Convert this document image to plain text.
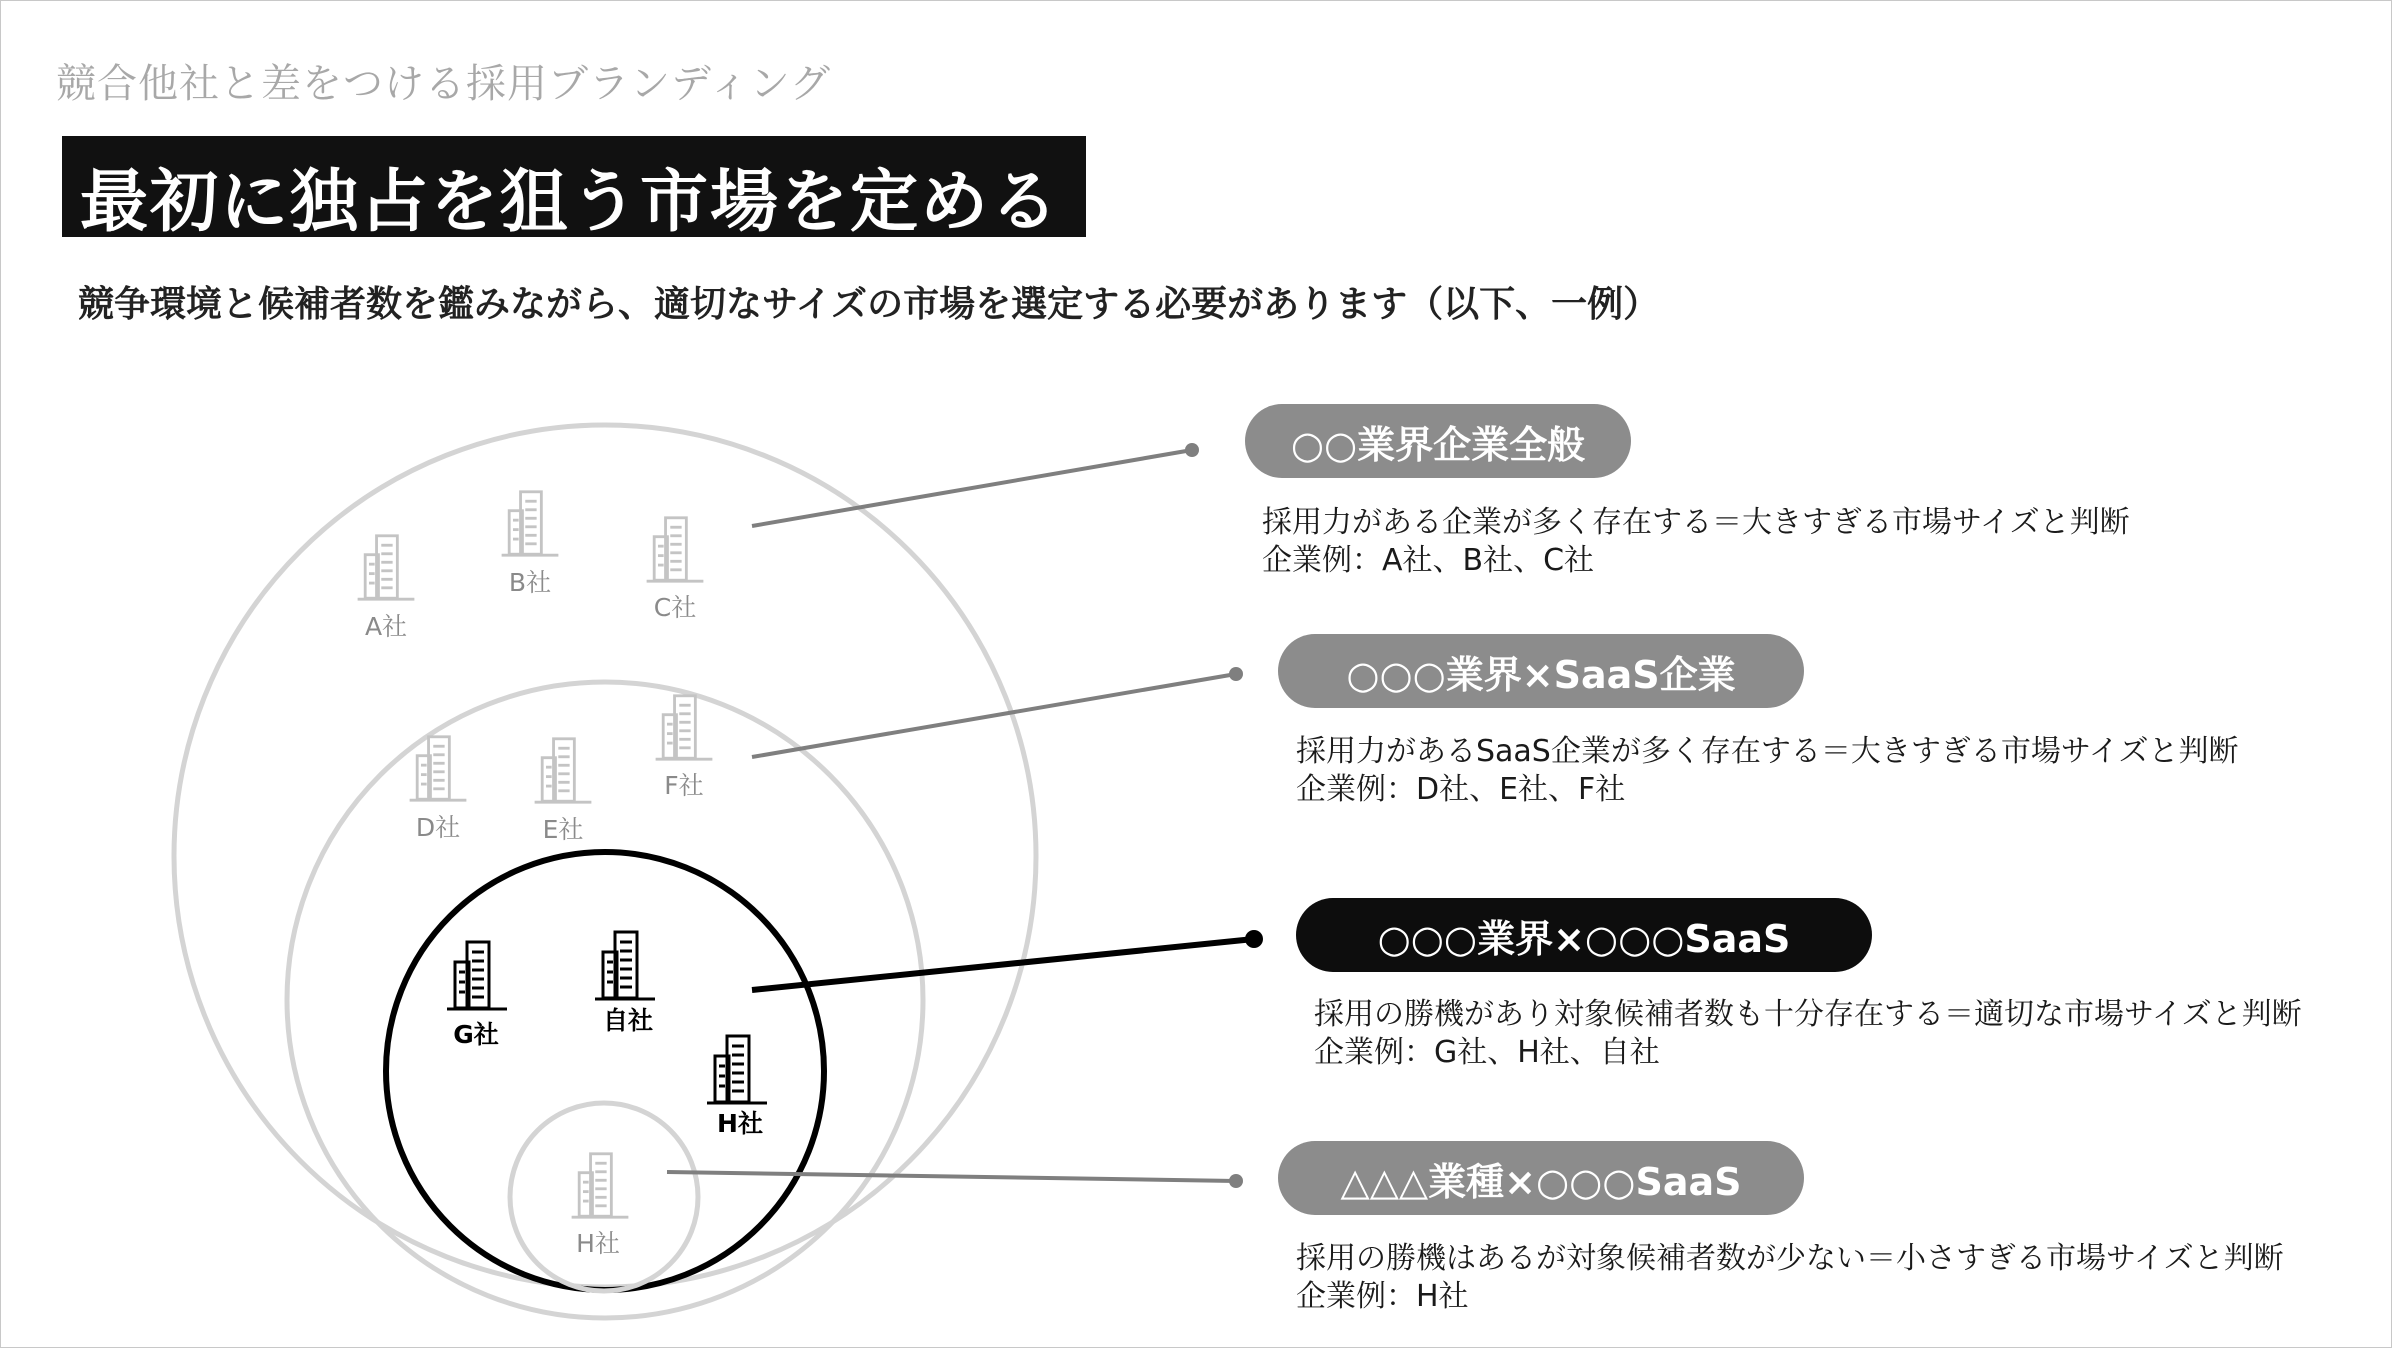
競合他社と差をつける採用ブランディング
最初に独占を狙う市場を定める
競争環境と候補者数を鑑みながら、適切なサイズの市場を選定する必要があります（以下、一例）
A社
B社
C社
D社	E社
F社
G社	自社
H社
H社
○○業界企業全般
採用力がある企業が多く存在する＝大きすぎる市場サイズと判断
企業例：A社、B社、C社
○○○業界×SaaS企業
採用力があるSaaS企業が多く存在する＝大きすぎる市場サイズと判断
企業例：D社、E社、F社
○○○業界×○○○SaaS
採用の勝機があり対象候補者数も十分存在する＝適切な市場サイズと判断
企業例：G社、H社、自社
△△△業種×○○○SaaS
採用の勝機はあるが対象候補者数が少ない＝小さすぎる市場サイズと判断
企業例：H社
